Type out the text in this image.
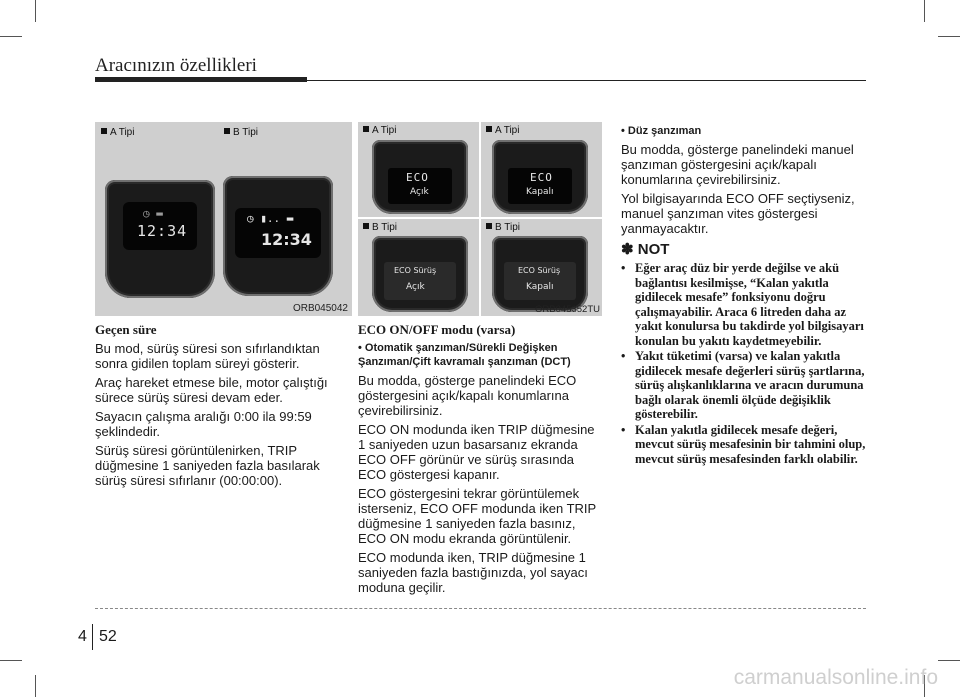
Aracınızın özellikleri
A Tipi	B Tipi
◷ ▬
12:34
◷ ▮.. ▬
12:34
ORB045042
A Tipi	A Tipi
B Tipi	B Tipi
ECO
Açık
ECO
Kapalı
ECO Sürüş
Açık
ECO Sürüş
Kapalı
ORB045352TU
Geçen süre

Bu mod, sürüş süresi son sıfırlandıktan sonra gidilen toplam süreyi gösterir.

Araç hareket etmese bile, motor çalıştığı sürece sürüş süresi devam eder.

Sayacın çalışma aralığı 0:00 ila 99:59 şeklindedir.

Sürüş süresi görüntülenirken, TRIP düğmesine 1 saniyeden fazla basılarak sürüş süresi sıfırlanır (00:00:00).

ECO ON/OFF modu (varsa)

• Otomatik şanzıman/Sürekli Değişken Şanzıman/Çift kavramalı şanzıman (DCT)

Bu modda, gösterge panelindeki ECO göstergesini açık/kapalı konumlarına çevirebilirsiniz.

ECO ON modunda iken TRIP düğmesine 1 saniyeden uzun basarsanız ekranda ECO OFF görünür ve sürüş sırasında ECO göstergesi kapanır.

ECO göstergesini tekrar görüntülemek isterseniz, ECO OFF modunda iken TRIP düğmesine 1 saniyeden fazla basınız, ECO ON modu ekranda görüntülenir.

ECO modunda iken, TRIP düğmesine 1 saniyeden fazla bastığınızda, yol sayacı moduna geçilir.

• Düz şanzıman

Bu modda, gösterge panelindeki manuel şanzıman göstergesini açık/kapalı konumlarına çevirebilirsiniz.

Yol bilgisayarında ECO OFF seçtiyseniz, manuel şanzıman vites göstergesi yanmayacaktır.

✽ NOT
• Eğer araç düz bir yerde değilse ve akü bağlantısı kesilmişse, “Kalan yakıtla gidilecek mesafe” fonksiyonu doğru çalışmayabilir. Araca 6 litreden daha az yakıt konulursa bu takdirde yol bilgisayarı konulan bu yakıtı kaydetmeyebilir.
• Yakıt tüketimi (varsa) ve kalan yakıtla gidilecek mesafe değerleri sürüş şartlarına, sürüş alışkanlıklarına ve aracın durumuna bağlı olarak önemli ölçüde değişiklik gösterebilir.
• Kalan yakıtla gidilecek mesafe değeri, mevcut sürüş mesafesinin bir tahmini olup, mevcut sürüş mesafesinden farklı olabilir.
4 52
carmanualsonline.info
